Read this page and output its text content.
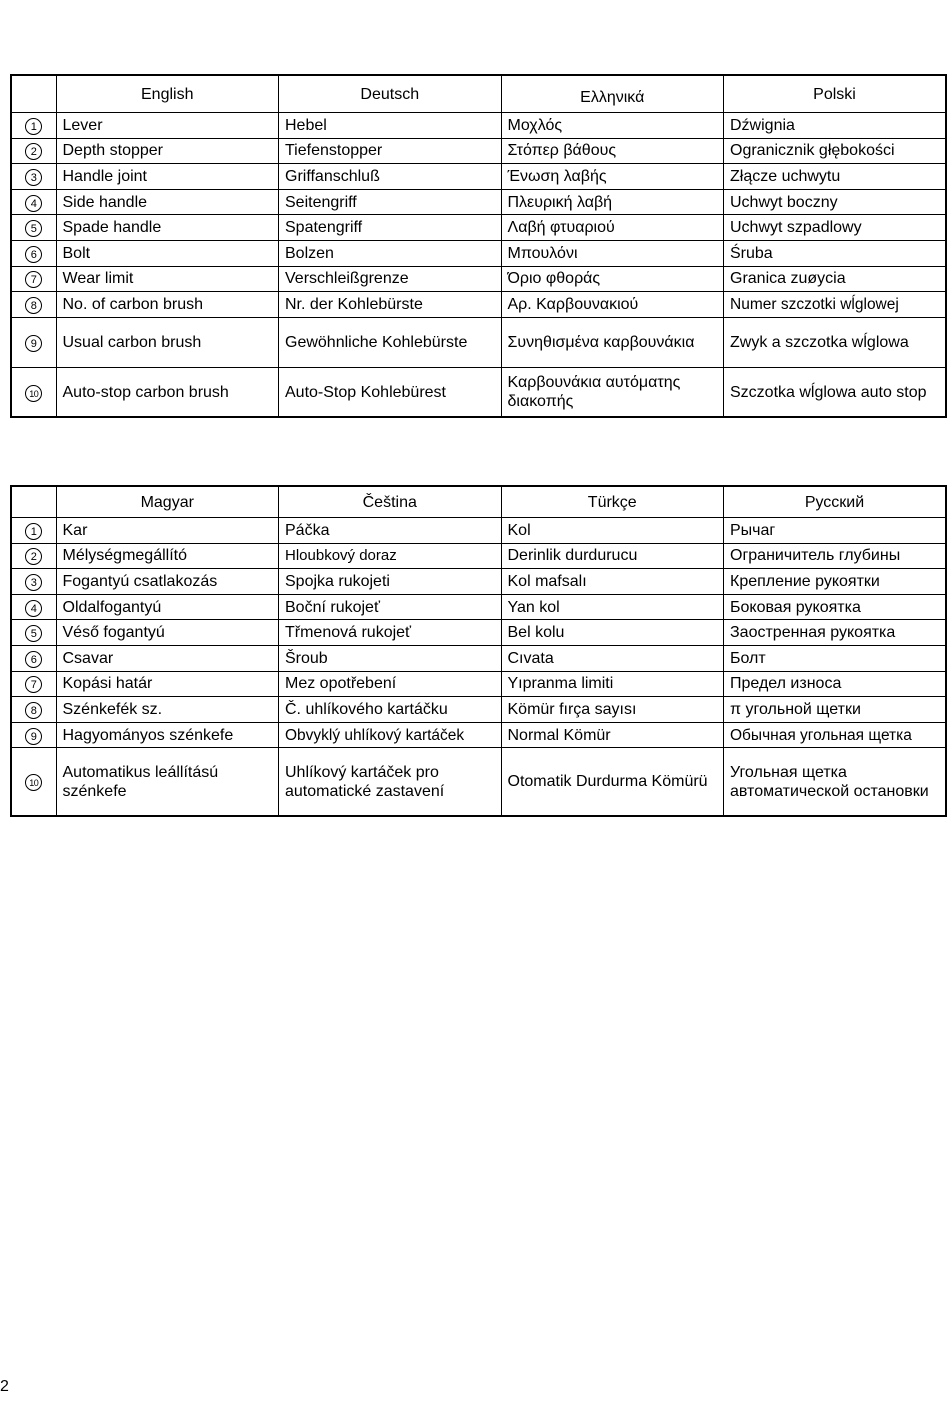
	English	Deutsch	Ελληνικά	Polski
1	Lever	Hebel	Μοχλός	Dźwignia
2	Depth stopper	Tiefenstopper	Στόπερ βάθους	Ogranicznik głębokości
3	Handle joint	Griffanschluß	Ένωση λαβής	Złącze uchwytu
4	Side handle	Seitengriff	Πλευρική λαβή	Uchwyt boczny
5	Spade handle	Spatengriff	Λαβή φτυαριού	Uchwyt szpadlowy
6	Bolt	Bolzen	Μπουλόνι	Śruba
7	Wear limit	Verschleißgrenze	Όριο φθοράς	Granica zuøycia
8	No. of carbon brush	Nr. der Kohlebürste	Αρ. Καρβουνακιού	Numer szczotki wĺglowej
9	Usual carbon brush	Gewöhnliche Kohlebürste	Συνηθισμένα καρβουνάκια	Zwyk a szczotka wĺglowa
10	Auto-stop carbon brush	Auto-Stop Kohlebürest	Καρβουνάκια αυτόματης διακοπής	Szczotka wĺglowa auto stop
	Magyar	Čeština	Türkçe	Русский
1	Kar	Páčka	Kol	Рычаг
2	Mélységmegállító	Hloubkový doraz	Derinlik durdurucu	Ограничитель глубины
3	Fogantyú csatlakozás	Spojka rukojeti	Kol mafsalı	Крепление рукоятки
4	Oldalfogantyú	Boční rukojeť	Yan kol	Боковая рукоятка
5	Véső fogantyú	Třmenová rukojeť	Bel kolu	Заостренная рукоятка
6	Csavar	Šroub	Cıvata	Болт
7	Kopási határ	Mez opotřebení	Yıpranma limiti	Предел износа
8	Szénkefék sz.	Č. uhlíkového kartáčku	Kömür fırça sayısı	π угольной щетки
9	Hagyományos szénkefe	Obvyklý uhlíkový kartáček	Normal Kömür	Обычная угольная щетка
10	Automatikus leállítású szénkefe	Uhlíkový kartáček pro automatické zastavení	Otomatik Durdurma Kömürü	Угольная щетка автоматической остановки
2
